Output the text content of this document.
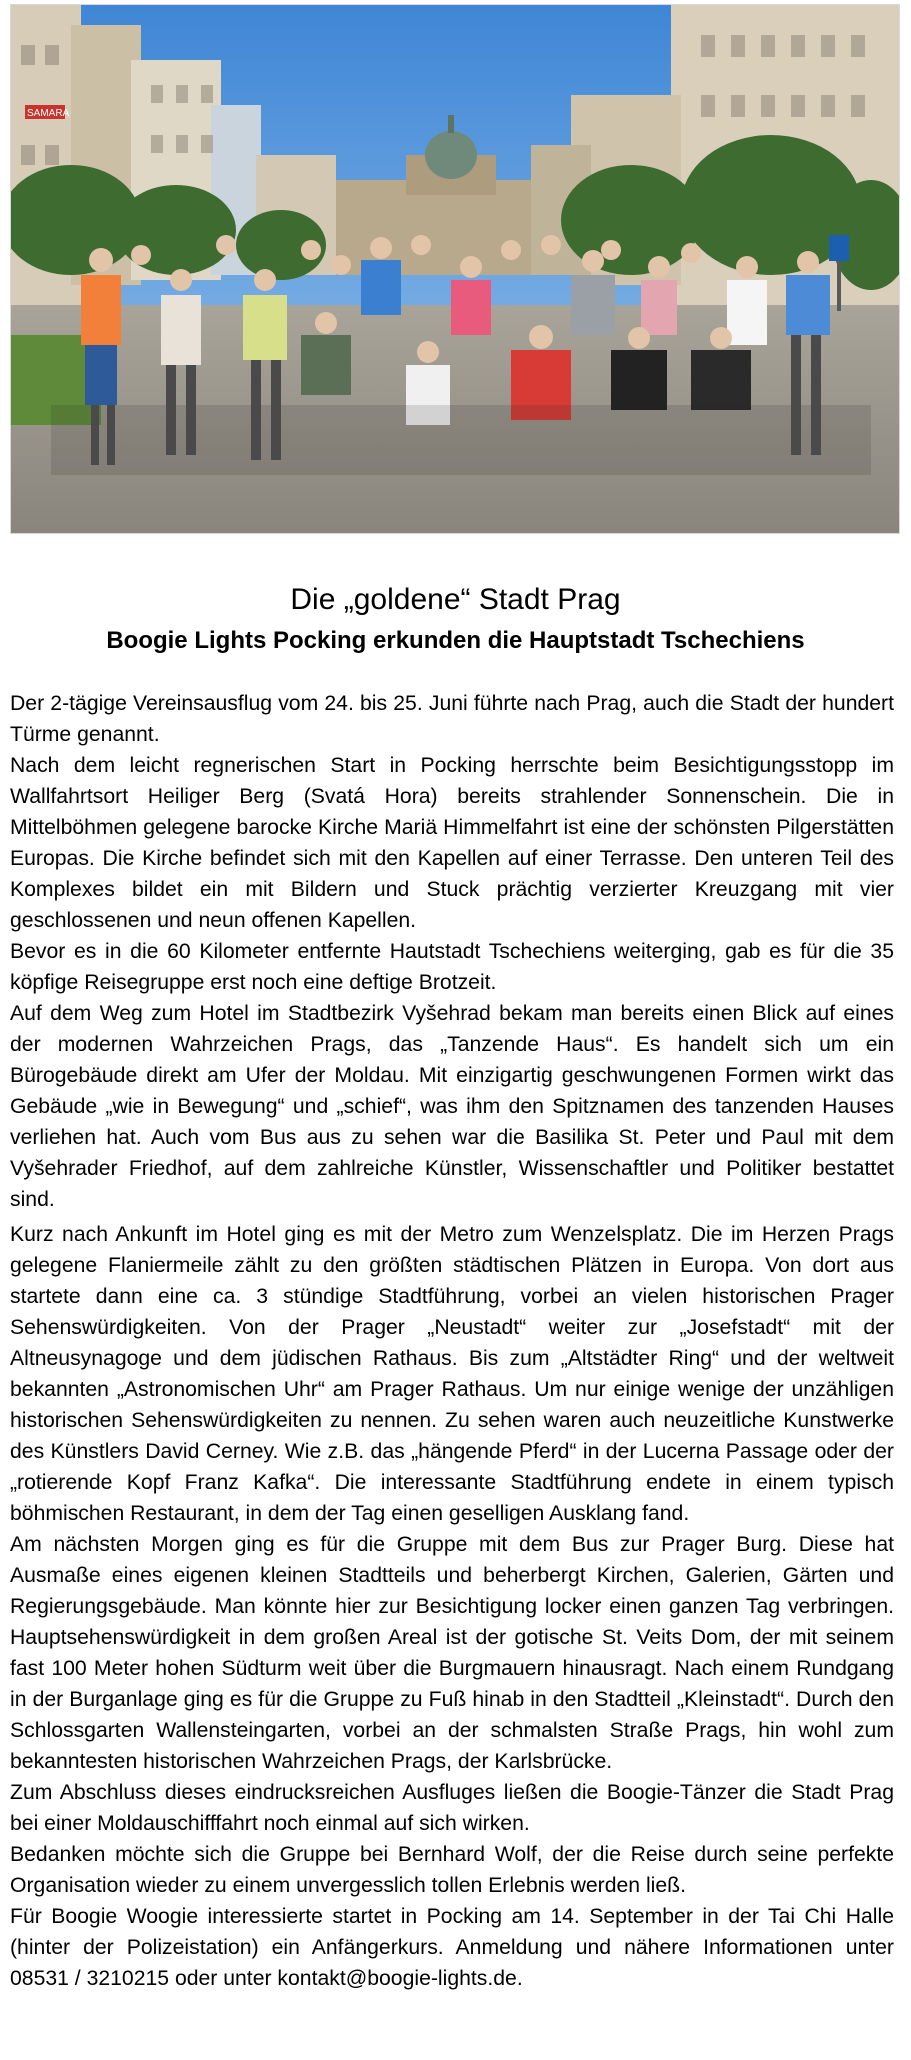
SAMARA
Die „goldene“ Stadt Prag
Boogie Lights Pocking erkunden die Hauptstadt Tschechiens

Der 2-tägige Vereinsausflug vom 24. bis 25. Juni führte nach Prag, auch die Stadt der hundert Türme genannt.

Nach dem leicht regnerischen Start in Pocking herrschte beim Besichtigungsstopp im Wallfahrtsort Heiliger Berg (Svatá Hora) bereits strahlender Sonnenschein. Die in Mittelböhmen gelegene barocke Kirche Mariä Himmelfahrt ist eine der schönsten Pilgerstätten Europas. Die Kirche befindet sich mit den Kapellen auf einer Terrasse. Den unteren Teil des Komplexes bildet ein mit Bildern und Stuck prächtig verzierter Kreuzgang mit vier geschlossenen und neun offenen Kapellen.

Bevor es in die 60 Kilometer entfernte Hautstadt Tschechiens weiterging, gab es für die 35 köpfige Reisegruppe erst noch eine deftige Brotzeit.

Auf dem Weg zum Hotel im Stadtbezirk Vyšehrad bekam man bereits einen Blick auf eines der modernen Wahrzeichen Prags, das „Tanzende Haus“. Es handelt sich um ein Bürogebäude direkt am Ufer der Moldau. Mit einzigartig geschwungenen Formen wirkt das Gebäude „wie in Bewegung“ und „schief“, was ihm den Spitznamen des tanzenden Hauses verliehen hat. Auch vom Bus aus zu sehen war die Basilika St. Peter und Paul mit dem Vyšehrader Friedhof, auf dem zahlreiche Künstler, Wissenschaftler und Politiker bestattet sind.

Kurz nach Ankunft im Hotel ging es mit der Metro zum Wenzelsplatz. Die im Herzen Prags gelegene Flaniermeile zählt zu den größten städtischen Plätzen in Europa. Von dort aus startete dann eine ca. 3 stündige Stadtführung, vorbei an vielen historischen Prager Sehenswürdigkeiten. Von der Prager „Neustadt“ weiter zur „Josefstadt“ mit der Altneusynagoge und dem jüdischen Rathaus. Bis zum „Altstädter Ring“ und der weltweit bekannten „Astronomischen Uhr“ am Prager Rathaus. Um nur einige wenige der unzähligen historischen Sehenswürdigkeiten zu nennen. Zu sehen waren auch neuzeitliche Kunstwerke des Künstlers David Cerney. Wie z.B. das „hängende Pferd“ in der Lucerna Passage oder der „rotierende Kopf Franz Kafka“. Die interessante Stadtführung endete in einem typisch böhmischen Restaurant, in dem der Tag einen geselligen Ausklang fand.

Am nächsten Morgen ging es für die Gruppe mit dem Bus zur Prager Burg. Diese hat Ausmaße eines eigenen kleinen Stadtteils und beherbergt Kirchen, Galerien, Gärten und Regierungsgebäude. Man könnte hier zur Besichtigung locker einen ganzen Tag verbringen. Hauptsehenswürdigkeit in dem großen Areal ist der gotische St. Veits Dom, der mit seinem fast 100 Meter hohen Südturm weit über die Burgmauern hinausragt. Nach einem Rundgang in der Burganlage ging es für die Gruppe zu Fuß hinab in den Stadtteil „Kleinstadt“. Durch den Schlossgarten Wallensteingarten, vorbei an der schmalsten Straße Prags, hin wohl zum bekanntesten historischen Wahrzeichen Prags, der Karlsbrücke.

Zum Abschluss dieses eindrucksreichen Ausfluges ließen die Boogie-Tänzer die Stadt Prag bei einer Moldauschifffahrt noch einmal auf sich wirken.

Bedanken möchte sich die Gruppe bei Bernhard Wolf, der die Reise durch seine perfekte Organisation wieder zu einem unvergesslich tollen Erlebnis werden ließ.

Für Boogie Woogie interessierte startet in Pocking am 14. September in der Tai Chi Halle (hinter der Polizeistation) ein Anfängerkurs. Anmeldung und nähere Informationen unter 08531 / 3210215 oder unter kontakt@boogie-lights.de.
